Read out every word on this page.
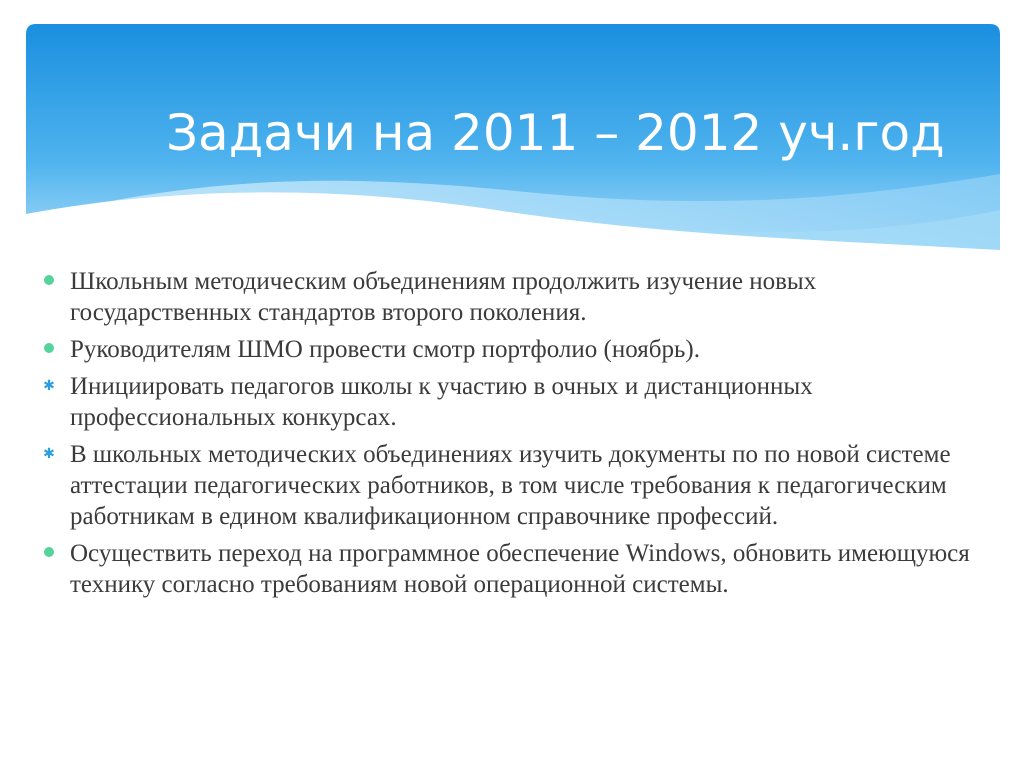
Задачи на 2011 – 2012 уч.год
Школьным методическим объединениям продолжить изучение новых государственных стандартов второго поколения.
Руководителям ШМО провести смотр портфолио (ноябрь).
✱ Инициировать педагогов школы к участию в очных и дистанционных профессиональных конкурсах.
✱ В школьных методических объединениях изучить документы по по новой системе аттестации педагогических работников, в том числе требования к педагогическим работникам в едином квалификационном справочнике профессий.
Осуществить переход на программное обеспечение Windows, обновить имеющуюся технику согласно требованиям новой операционной системы.
